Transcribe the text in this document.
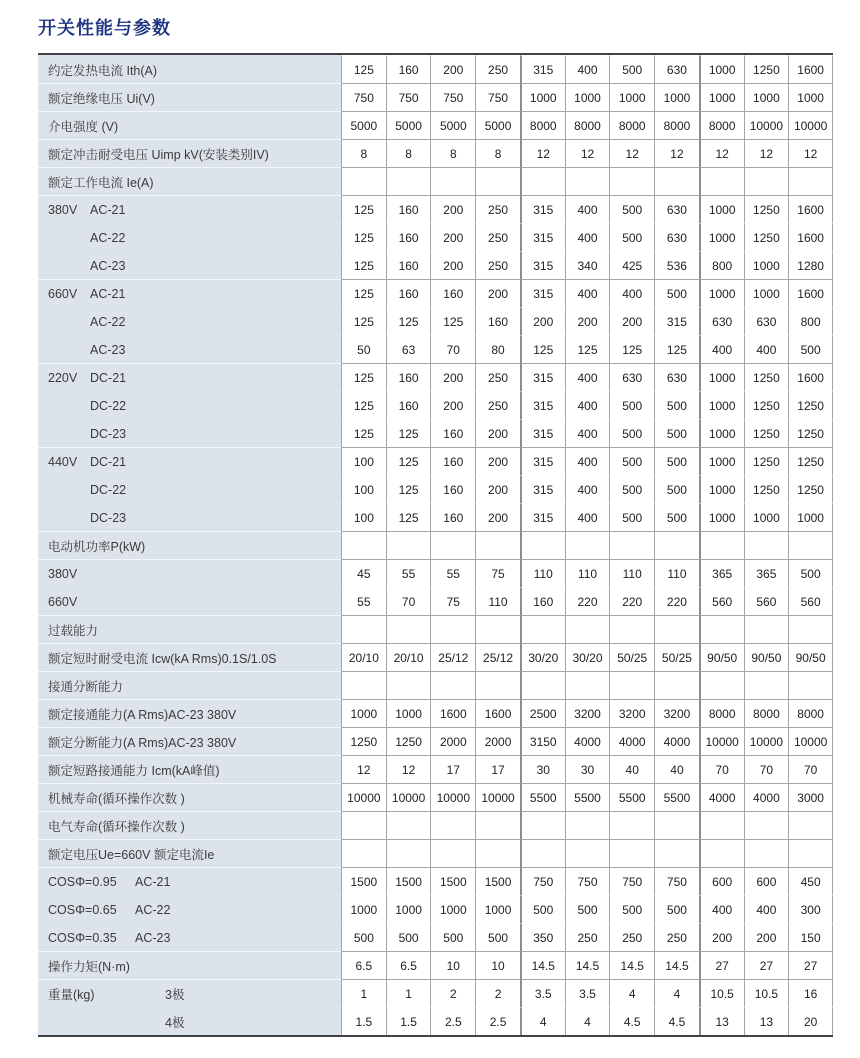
开关性能与参数
约定发热电流 Ith(A)	125	160	200	250	315	400	500	630	1000	1250	1600
额定绝缘电压 Ui(V)	750	750	750	750	1000	1000	1000	1000	1000	1000	1000
介电强度 (V)	5000	5000	5000	5000	8000	8000	8000	8000	8000	10000 10000
额定冲击耐受电压 Uimp kV(安装类别IV)	8	8	8	8	12	12	12	12	12	12	12
额定工作电流 Ie(A)
380V	AC-21	125	160	200	250	315	400	500	630	1000	1250	1600
AC-22	125	160	200	250	315	400	500	630	1000	1250	1600
AC-23	125	160	200	250	315	340	425	536	800	1000	1280
660V	AC-21	125	160	160	200	315	400	400	500	1000	1000	1600
AC-22	125	125	125	160	200	200	200	315	630	630	800
AC-23	50	63	70	80	125	125	125	125	400	400	500
220V	DC-21	125	160	200	250	315	400	630	630	1000	1250	1600
DC-22	125	160	200	250	315	400	500	500	1000	1250	1250
DC-23	125	125	160	200	315	400	500	500	1000	1250	1250
440V	DC-21	100	125	160	200	315	400	500	500	1000	1250	1250
DC-22	100	125	160	200	315	400	500	500	1000	1250	1250
DC-23	100	125	160	200	315	400	500	500	1000	1000	1000
电动机功率P(kW)
380V	45	55	55	75	110	110	110	110	365	365	500
660V	55	70	75	110	160	220	220	220	560	560	560
过载能力
额定短时耐受电流 Icw(kA Rms)0.1S/1.0S	20/10	20/10	25/12	25/12	30/20	30/20	50/25	50/25	90/50	90/50	90/50
接通分断能力
额定接通能力(A Rms)AC-23 380V	1000	1000	1600	1600	2500	3200	3200	3200	8000	8000	8000
额定分断能力(A Rms)AC-23 380V	1250	1250	2000	2000	3150	4000	4000	4000	10000 10000 10000
额定短路接通能力 Icm(kA峰值)	12	12	17	17	30	30	40	40	70	70	70
机械寿命(循环操作次数 )	10000 10000 10000 10000	5500	5500	5500	5500	4000	4000	3000
电气寿命(循环操作次数 )
额定电压Ue=660V 额定电流Ie
COSΦ=0.95	AC-21	1500	1500	1500	1500	750	750	750	750	600	600	450
COSΦ=0.65	AC-22	1000	1000	1000	1000	500	500	500	500	400	400	300
COSΦ=0.35	AC-23	500	500	500	500	350	250	250	250	200	200	150
操作力矩(N·m)	6.5	6.5	10	10	14.5	14.5	14.5	14.5	27	27	27
重量(kg)	3极	1	1	2	2	3.5	3.5	4	4	10.5	10.5	16
4极	1.5	1.5	2.5	2.5	4	4	4.5	4.5	13	13	20
